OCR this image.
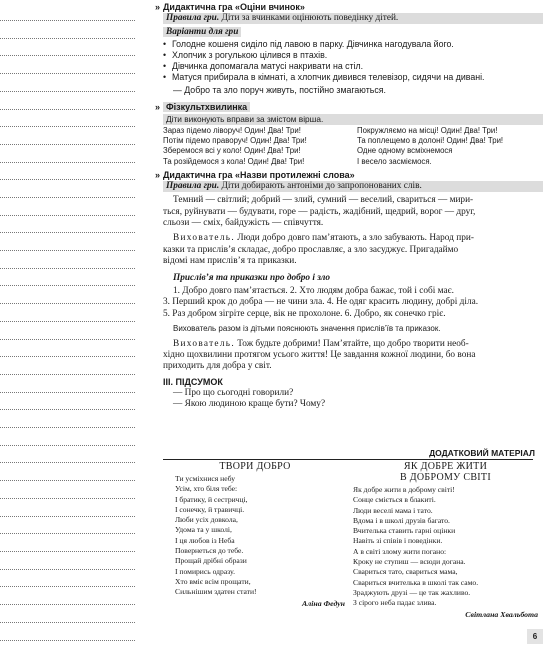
» Дидактична гра «Оціни вчинок»

Правила гри. Діти за вчинками оцінюють поведінку дітей.

Варіанти для гри

• Голодне кошеня сиділо під лавою в парку. Дівчинка нагодувала його.
• Хлопчик з рогулькою цілився в птахів.
• Дівчинка допомагала матусі накривати на стіл.
• Матуся прибирала в кімнаті, а хлопчик дивився телевізор, сидячи на дивані.

— Добро та зло поруч живуть, постійно змагаються.

» Фізкультхвилинка

Діти виконують вправи за змістом вірша.

Зараз підемо ліворуч! Один! Два! Три!
Потім підемо праворуч! Один! Два! Три!
Зберемося всі у коло! Один! Два! Три!
Та розійдемося з кола! Один! Два! Три!
Покружляємо на місці! Один! Два! Три!
Та поплещемо в долоні! Один! Два! Три!
Одне одному всміхнемося
І весело засміємося.
» Дидактична гра «Назви протилежні слова»

Правила гри. Діти добирають антоніми до запропонованих слів.

Темний — світлий; добрий — злий, сумний — веселий, свариться — мири-

ться, руйнувати — будувати, горе — радість, жадібний, щедрий, ворог — друг,

сльози — сміх, байдужість — співчуття.

Вихователь. Люди добро довго пам’ятають, а зло забувають. Народ при-

казки та прислів’я складає, добро прославляє, а зло засуджує. Пригадаймо

відомі нам прислів’я та приказки.

Прислів’я та приказки про добро і зло

1. Добро довго пам’ятається. 2. Хто людям добра бажає, той і собі має.

3. Перший крок до добра — не чини зла. 4. Не одяг красить людину, добрі діла.

5. Раз добром зігріте серце, вік не прохолоне. 6. Добро, як сонечко гріє.

Вихователь разом із дітьми пояснюють значення прислів’їв та приказок.

Вихователь. Тож будьте добрими! Пам’ятайте, що добро творити необ-

хідно щохвилини протягом усього життя! Це завдання кожної людини, бо вона

приходить для добра у світ.

III. ПІДСУМОК

— Про що сьогодні говорили?

— Якою людиною краще бути? Чому?

ДОДАТКОВИЙ МАТЕРІАЛ
ТВОРИ ДОБРО
Ти усміхнися небу
Усім, хто біля тебе:
І братику, й сестричці,
І сонечку, й травичці.
Люби усіх довкола,
Удома та у школі,
І ця любов із Неба
Повернеться до тебе.
Прощай дрібні образи
І помирись одразу.
Хто вміє всім прощати,
Сильнішим здатен стати!
Аліна Федун
ЯК ДОБРЕ ЖИТИ
В ДОБРОМУ СВІТІ
Як добре жити в доброму світі!
Сонце сміється в блакиті.
Люди веселі мама і тато.
Вдома і в школі друзів багато.
Вчителька ставить гарні оцінки
Навіть зі співів і поведінки.
А в світі злому жити погано:
Кроку не ступиш — всюди догана.
Свариться тато, свариться мама,
Свариться вчителька в школі так само.
Зраджують друзі — це так жахливо.
З сірого неба падає злива.
Світлана Хвальбота
6
